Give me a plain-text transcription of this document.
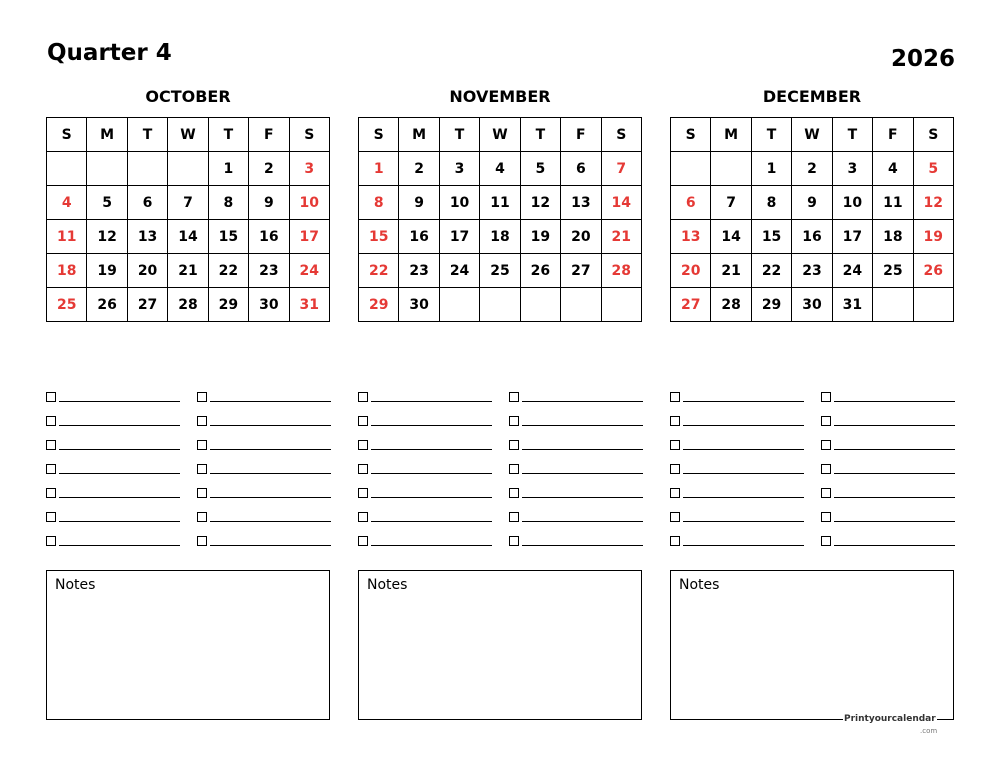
Quarter 4	2026
OCTOBER
S	M	T	W	T	F	S
				1	2	3
4	5	6	7	8	9	10
11	12	13	14	15	16	17
18	19	20	21	22	23	24
25	26	27	28	29	30	31
NOVEMBER
S	M	T	W	T	F	S
1	2	3	4	5	6	7
8	9	10	11	12	13	14
15	16	17	18	19	20	21
22	23	24	25	26	27	28
29	30					
DECEMBER
S	M	T	W	T	F	S
		1	2	3	4	5
6	7	8	9	10	11	12
13	14	15	16	17	18	19
20	21	22	23	24	25	26
27	28	29	30	31		
Notes	Notes	Notes
Printyourcalendar
.com
